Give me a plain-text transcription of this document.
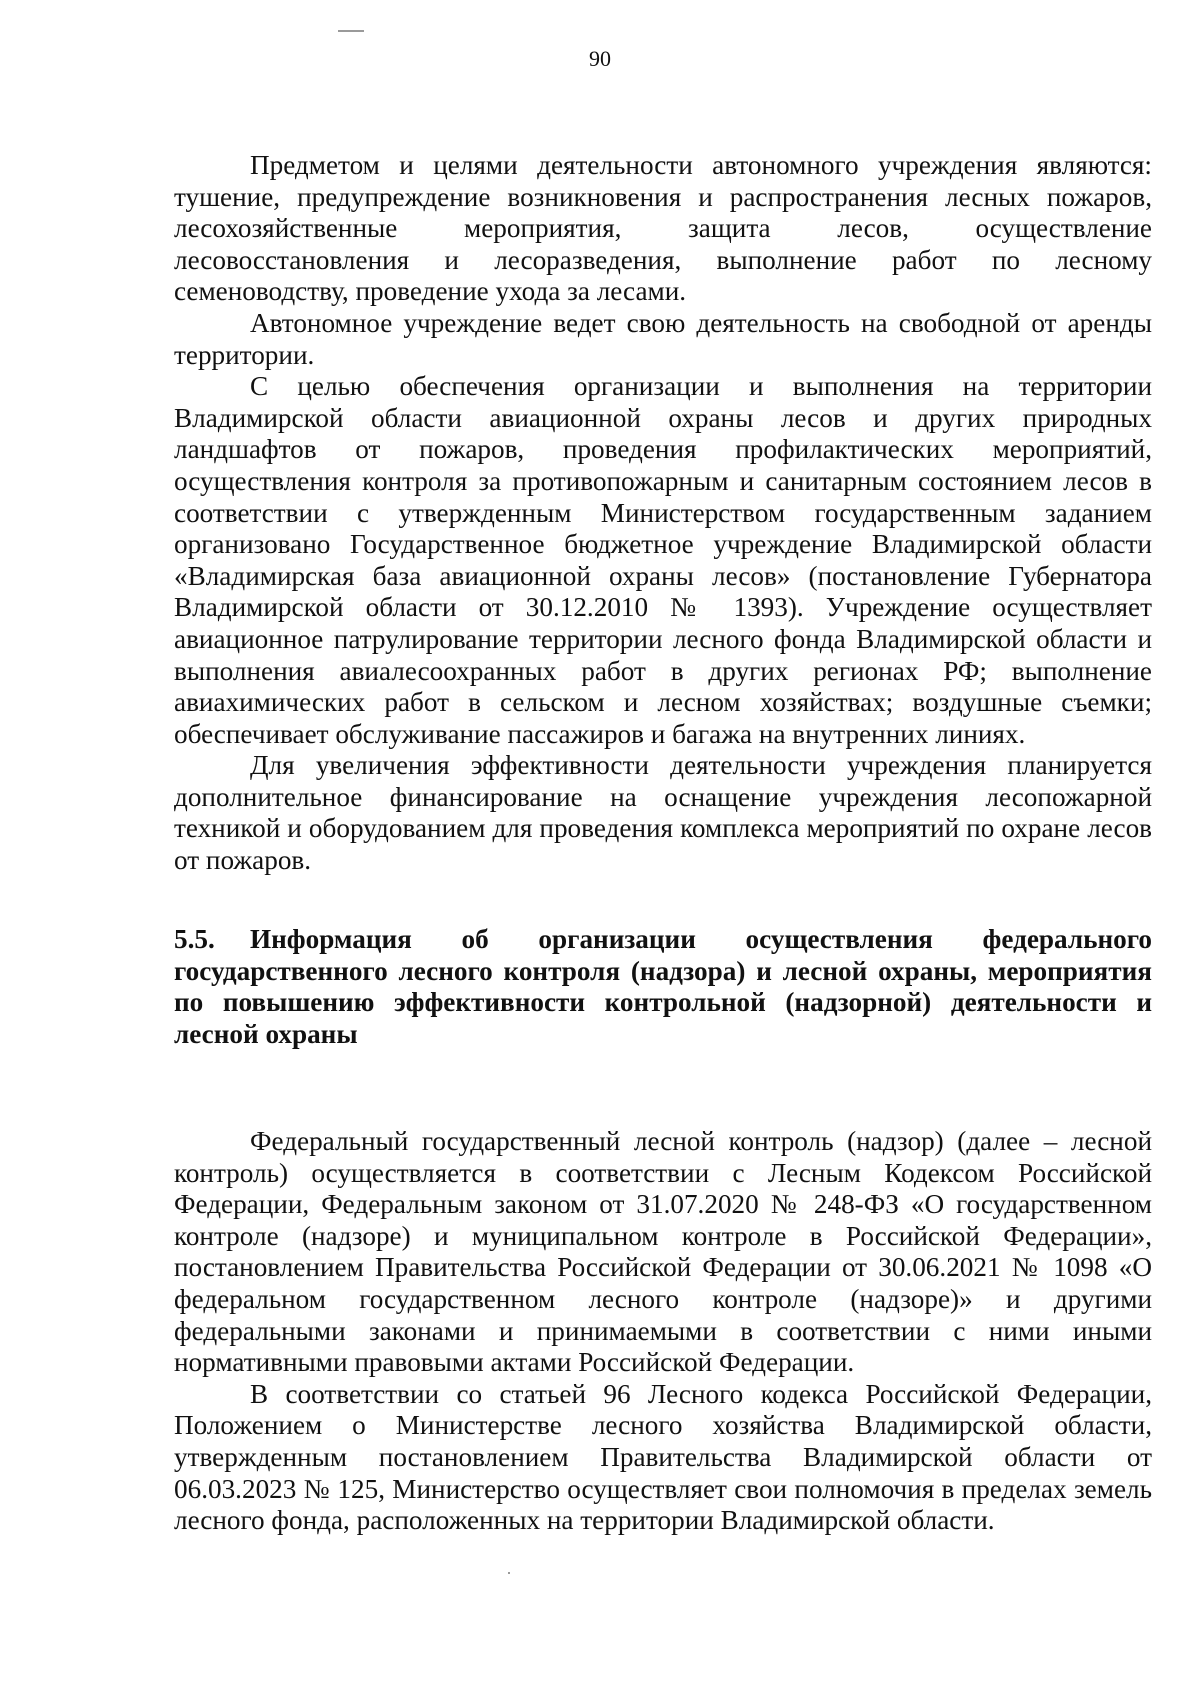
90

Предметом и целями деятельности автономного учреждения являются: тушение, предупреждение возникновения и распространения лесных пожаров, лесохозяйственные мероприятия, защита лесов, осуществление лесовосстановления и лесоразведения, выполнение работ по лесному семеноводству, проведение ухода за лесами.

Автономное учреждение ведет свою деятельность на свободной от аренды территории.

С целью обеспечения организации и выполнения на территории Владимирской области авиационной охраны лесов и других природных ландшафтов от пожаров, проведения профилактических мероприятий, осуществления контроля за противопожарным и санитарным состоянием лесов в соответствии с утвержденным Министерством государственным заданием организовано Государственное бюджетное учреждение Владимирской области «Владимирская база авиационной охраны лесов» (постановление Губернатора Владимирской области от 30.12.2010 № 1393). Учреждение осуществляет авиационное патрулирование территории лесного фонда Владимирской области и выполнения авиалесоохранных работ в других регионах РФ; выполнение авиахимических работ в сельском и лесном хозяйствах; воздушные съемки; обеспечивает обслуживание пассажиров и багажа на внутренних линиях.

Для увеличения эффективности деятельности учреждения планируется дополнительное финансирование на оснащение учреждения лесопожарной техникой и оборудованием для проведения комплекса мероприятий по охране лесов от пожаров.

5.5. Информация об организации осуществления федерального государственного лесного контроля (надзора) и лесной охраны, мероприятия по повышению эффективности контрольной (надзорной) деятельности и лесной охраны

Федеральный государственный лесной контроль (надзор) (далее – лесной контроль) осуществляется в соответствии с Лесным Кодексом Российской Федерации, Федеральным законом от 31.07.2020 № 248-ФЗ «О государственном контроле (надзоре) и муниципальном контроле в Российской Федерации», постановлением Правительства Российской Федерации от 30.06.2021 № 1098 «О федеральном государственном лесного контроле (надзоре)» и другими федеральными законами и принимаемыми в соответствии с ними иными нормативными правовыми актами Российской Федерации.

В соответствии со статьей 96 Лесного кодекса Российской Федерации, Положением о Министерстве лесного хозяйства Владимирской области, утвержденным постановлением Правительства Владимирской области от 06.03.2023 № 125, Министерство осуществляет свои полномочия в пределах земель лесного фонда, расположенных на территории Владимирской области.
